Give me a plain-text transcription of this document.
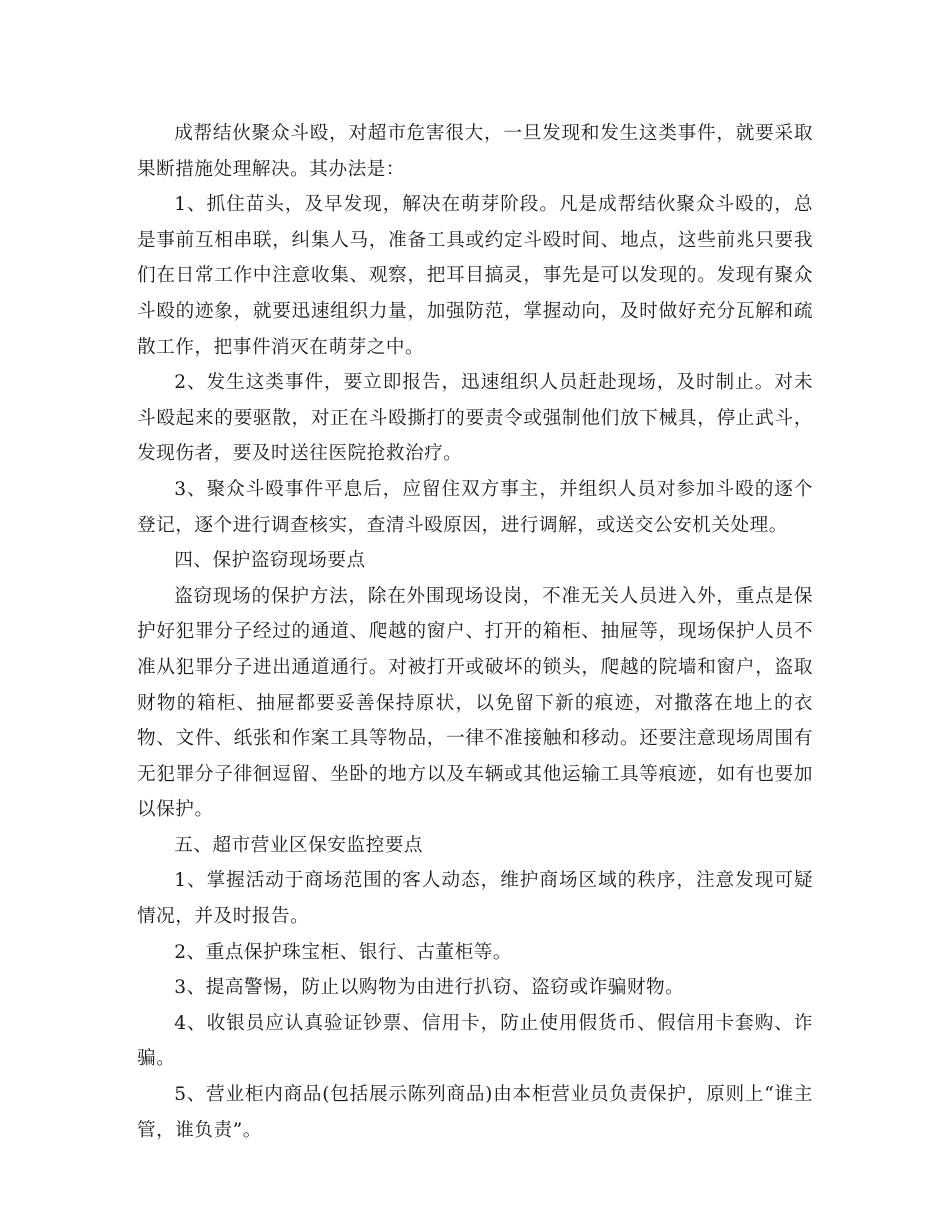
成帮结伙聚众斗殴，对超市危害很大，一旦发现和发生这类事件，就要采取果断措施处理解决。其办法是：

1、抓住苗头，及早发现，解决在萌芽阶段。凡是成帮结伙聚众斗殴的，总是事前互相串联，纠集人马，准备工具或约定斗殴时间、地点，这些前兆只要我们在日常工作中注意收集、观察，把耳目搞灵，事先是可以发现的。发现有聚众斗殴的迹象，就要迅速组织力量，加强防范，掌握动向，及时做好充分瓦解和疏散工作，把事件消灭在萌芽之中。

2、发生这类事件，要立即报告，迅速组织人员赶赴现场，及时制止。对未斗殴起来的要驱散，对正在斗殴撕打的要责令或强制他们放下械具，停止武斗，发现伤者，要及时送往医院抢救治疗。

3、聚众斗殴事件平息后，应留住双方事主，并组织人员对参加斗殴的逐个登记，逐个进行调查核实，查清斗殴原因，进行调解，或送交公安机关处理。

四、保护盗窃现场要点

盗窃现场的保护方法，除在外围现场设岗，不准无关人员进入外，重点是保护好犯罪分子经过的通道、爬越的窗户、打开的箱柜、抽屉等，现场保护人员不准从犯罪分子进出通道通行。对被打开或破坏的锁头，爬越的院墙和窗户，盗取财物的箱柜、抽屉都要妥善保持原状，以免留下新的痕迹，对撒落在地上的衣物、文件、纸张和作案工具等物品，一律不准接触和移动。还要注意现场周围有无犯罪分子徘徊逗留、坐卧的地方以及车辆或其他运输工具等痕迹，如有也要加以保护。

五、超市营业区保安监控要点

1、掌握活动于商场范围的客人动态，维护商场区域的秩序，注意发现可疑情况，并及时报告。

2、重点保护珠宝柜、银行、古董柜等。

3、提高警惕，防止以购物为由进行扒窃、盗窃或诈骗财物。

4、收银员应认真验证钞票、信用卡，防止使用假货币、假信用卡套购、诈骗。

5、营业柜内商品(包括展示陈列商品)由本柜营业员负责保护，原则上“谁主管，谁负责”。
